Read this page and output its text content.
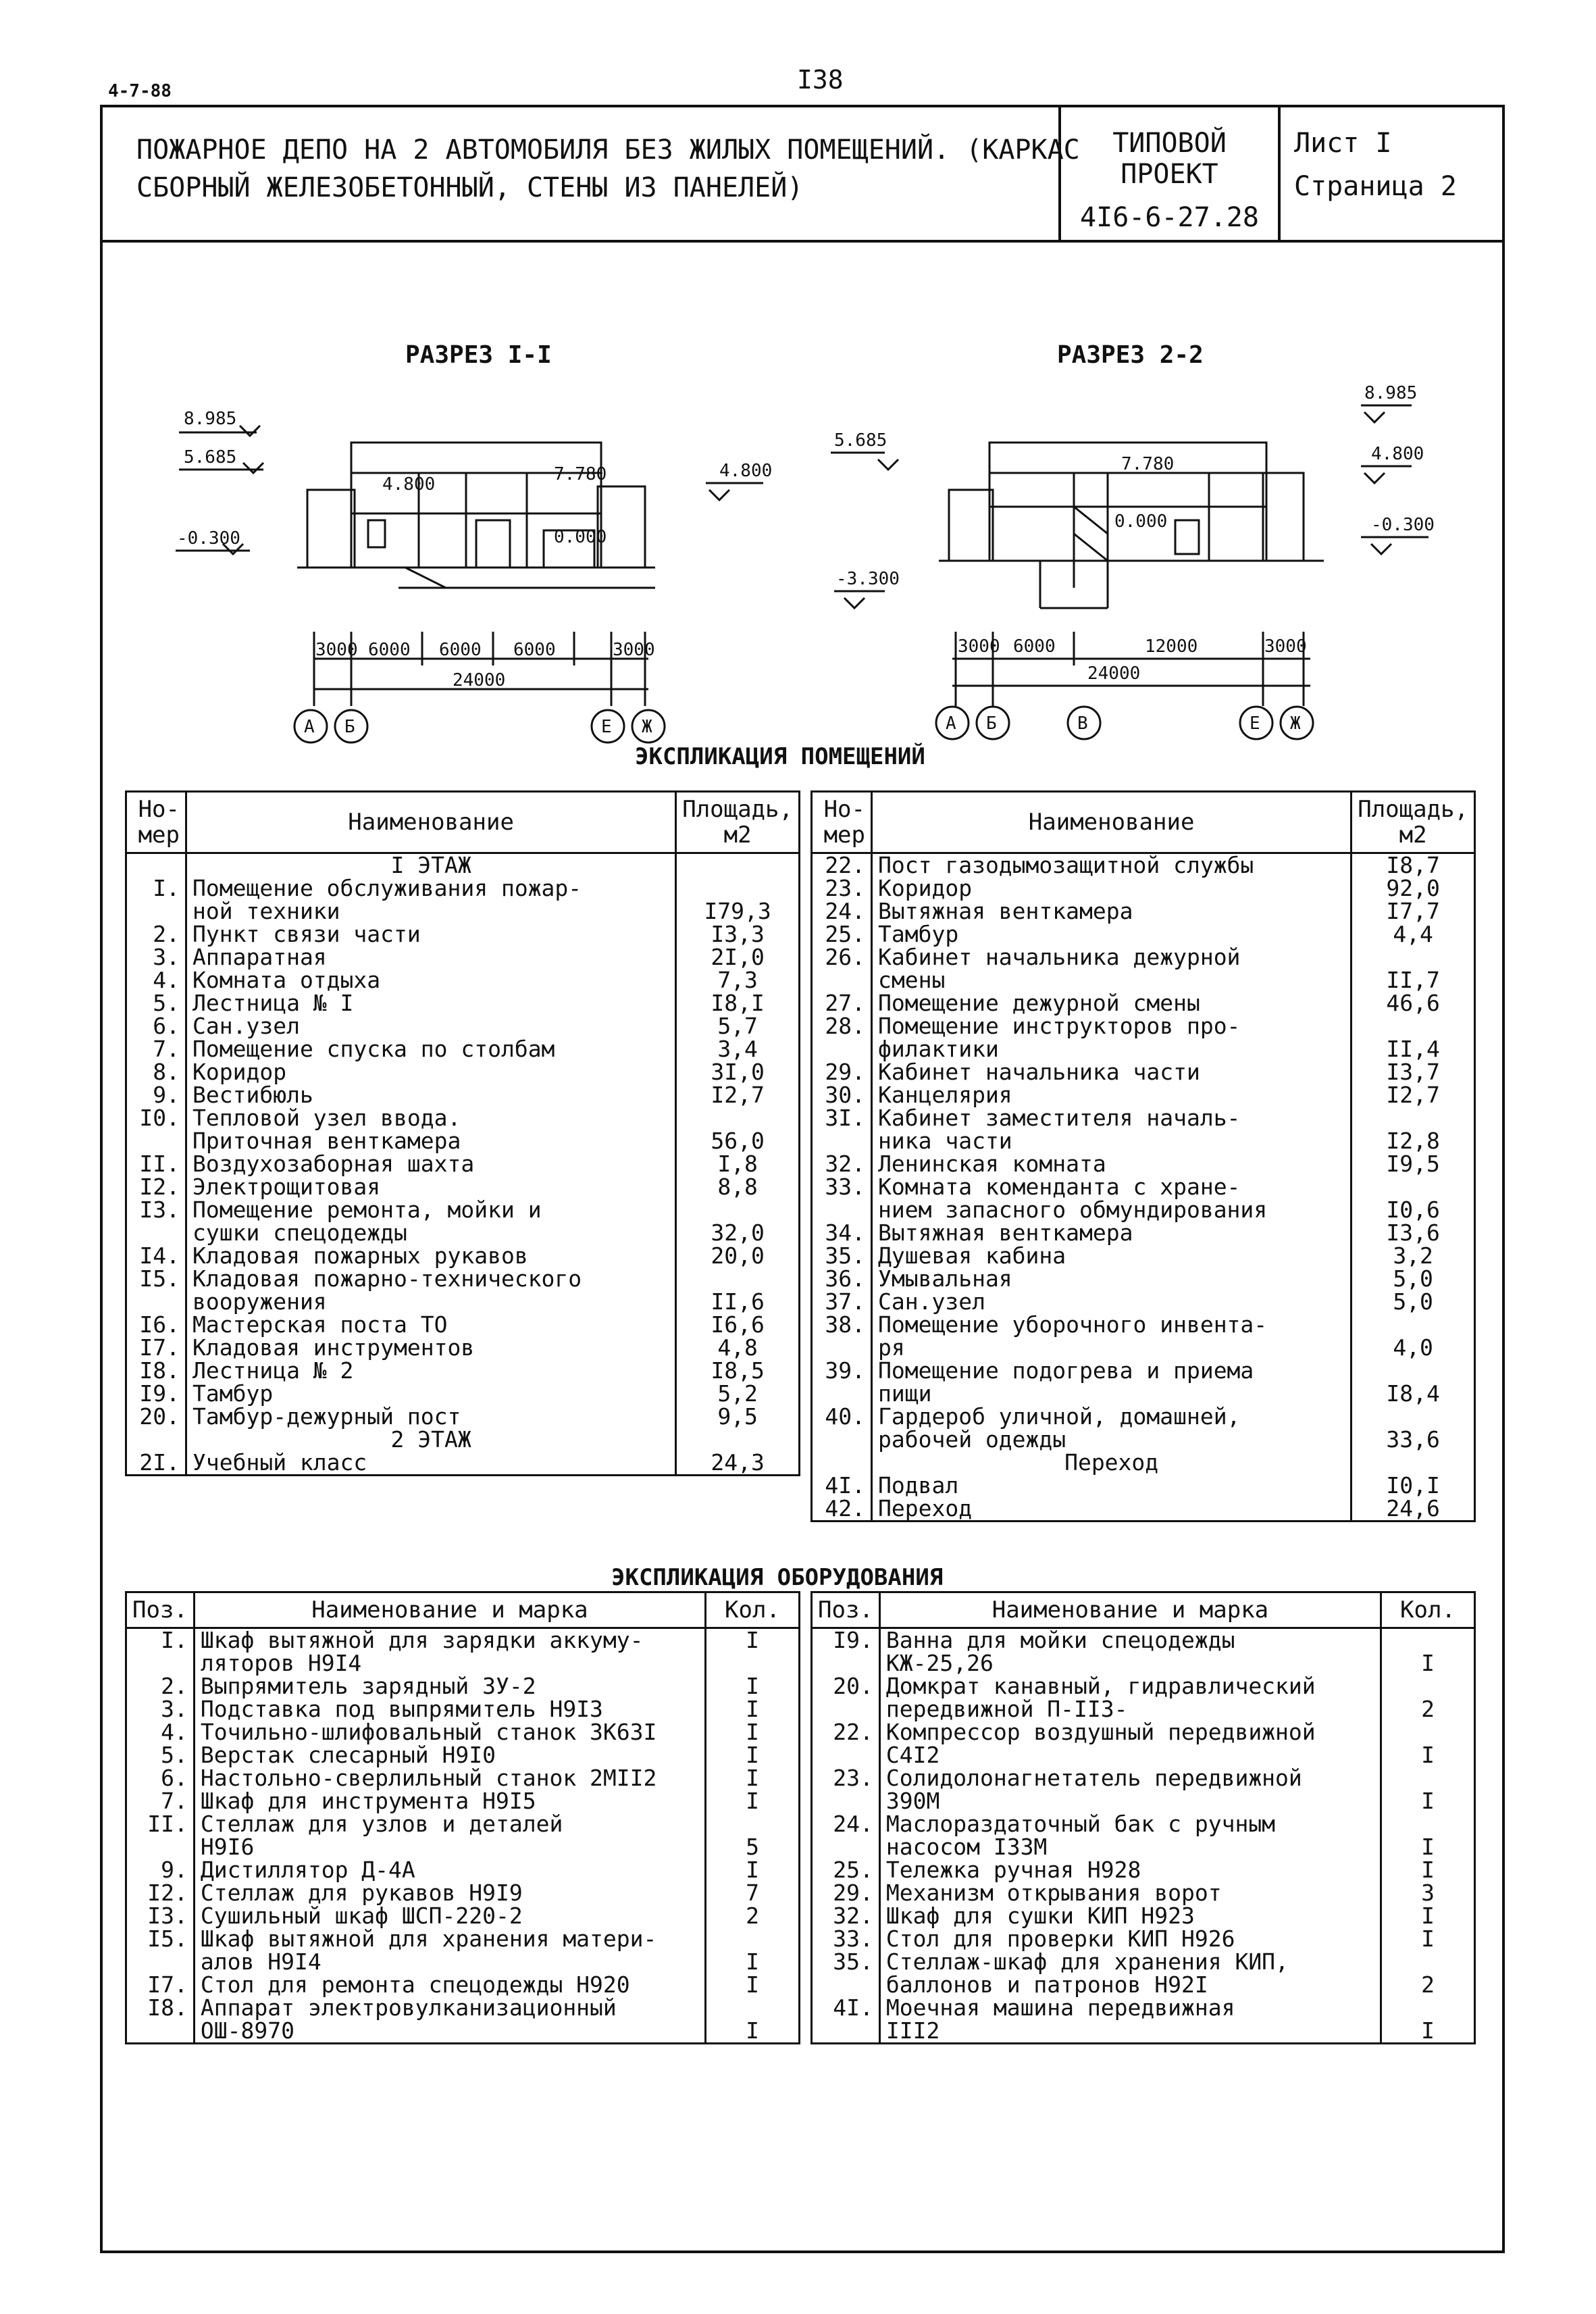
4-7-88	I38
ПОЖАРНОЕ ДЕПО НА 2 АВТОМОБИЛЯ БЕЗ ЖИЛЫХ ПОМЕЩЕНИЙ. (КАРКАС
СБОРНЫЙ ЖЕЛЕЗОБЕТОННЫЙ, СТЕНЫ ИЗ ПАНЕЛЕЙ)
ТИПОВОЙ ПРОЕКТ
4I6-6-27.28
Лист I
Страница 2
РАЗРЕЗ I-I	РАЗРЕЗ 2-2
8.985
5.685
-0.300
4.800
4.800	7.780
0.000
3000 6000 6000 6000	3000
24000
А Б	Е Ж
5.685
-3.300
8.985
4.800
-0.300
7.780
0.000
3000 6000	12000	3000
24000
А Б	В	Е Ж
ЭКСПЛИКАЦИЯ ПОМЕЩЕНИЙ
Но-
мер	Наименование	Площадь,
м2
	I ЭТАЖ	
I.	Помещение обслуживания пожар-	
	ной техники	I79,3
2.	Пункт связи части	I3,3
3.	Аппаратная	2I,0
4.	Комната отдыха	7,3
5.	Лестница № I	I8,I
6.	Сан.узел	5,7
7.	Помещение спуска по столбам	3,4
8.	Коридор	3I,0
9.	Вестибюль	I2,7
I0.	Тепловой узел ввода.	
	Приточная венткамера	56,0
II.	Воздухозаборная шахта	I,8
I2.	Электрощитовая	8,8
I3.	Помещение ремонта, мойки и	
	сушки спецодежды	32,0
I4.	Кладовая пожарных рукавов	20,0
I5.	Кладовая пожарно-технического	
	вооружения	II,6
I6.	Мастерская поста ТО	I6,6
I7.	Кладовая инструментов	4,8
I8.	Лестница № 2	I8,5
I9.	Тамбур	5,2
20.	Тамбур-дежурный пост	9,5
	2 ЭТАЖ	
2I.	Учебный класс	24,3
Но-
мер	Наименование	Площадь,
м2
22.	Пост газодымозащитной службы	I8,7
23.	Коридор	92,0
24.	Вытяжная венткамера	I7,7
25.	Тамбур	4,4
26.	Кабинет начальника дежурной	
	смены	II,7
27.	Помещение дежурной смены	46,6
28.	Помещение инструкторов про-	
	филактики	II,4
29.	Кабинет начальника части	I3,7
30.	Канцелярия	I2,7
3I.	Кабинет заместителя началь-	
	ника части	I2,8
32.	Ленинская комната	I9,5
33.	Комната коменданта с хране-	
	нием запасного обмундирования	I0,6
34.	Вытяжная венткамера	I3,6
35.	Душевая кабина	3,2
36.	Умывальная	5,0
37.	Сан.узел	5,0
38.	Помещение уборочного инвента-	
	ря	4,0
39.	Помещение подогрева и приема	
	пищи	I8,4
40.	Гардероб уличной, домашней,	
	рабочей одежды	33,6
	Переход	
4I.	Подвал	I0,I
42.	Переход	24,6
ЭКСПЛИКАЦИЯ ОБОРУДОВАНИЯ
Поз.	Наименование и марка	Кол.
I.	Шкаф вытяжной для зарядки аккуму-	I
	ляторов Н9I4	
2.	Выпрямитель зарядный ЗУ-2	I
3.	Подставка под выпрямитель Н9I3	I
4.	Точильно-шлифовальный станок 3К63I	I
5.	Верстак слесарный Н9I0	I
6.	Настольно-сверлильный станок 2МII2	I
7.	Шкаф для инструмента Н9I5	I
II.	Стеллаж для узлов и деталей	
	Н9I6	5
9.	Дистиллятор Д-4А	I
I2.	Стеллаж для рукавов Н9I9	7
I3.	Сушильный шкаф ШСП-220-2	2
I5.	Шкаф вытяжной для хранения матери-	
	алов Н9I4	I
I7.	Стол для ремонта спецодежды Н920	I
I8.	Аппарат электровулканизационный	
	ОШ-8970	I
Поз.	Наименование и марка	Кол.
I9.	Ванна для мойки спецодежды	
	КЖ-25,26	I
20.	Домкрат канавный, гидравлический	
	передвижной П-II3-	2
22.	Компрессор воздушный передвижной	
	С4I2	I
23.	Солидолонагнетатель передвижной	
	390М	I
24.	Маслораздаточный бак с ручным	
	насосом I33М	I
25.	Тележка ручная Н928	I
29.	Механизм открывания ворот	3
32.	Шкаф для сушки КИП Н923	I
33.	Стол для проверки КИП Н926	I
35.	Стеллаж-шкаф для хранения КИП,	
	баллонов и патронов Н92I	2
4I.	Моечная машина передвижная	
	III2	I
